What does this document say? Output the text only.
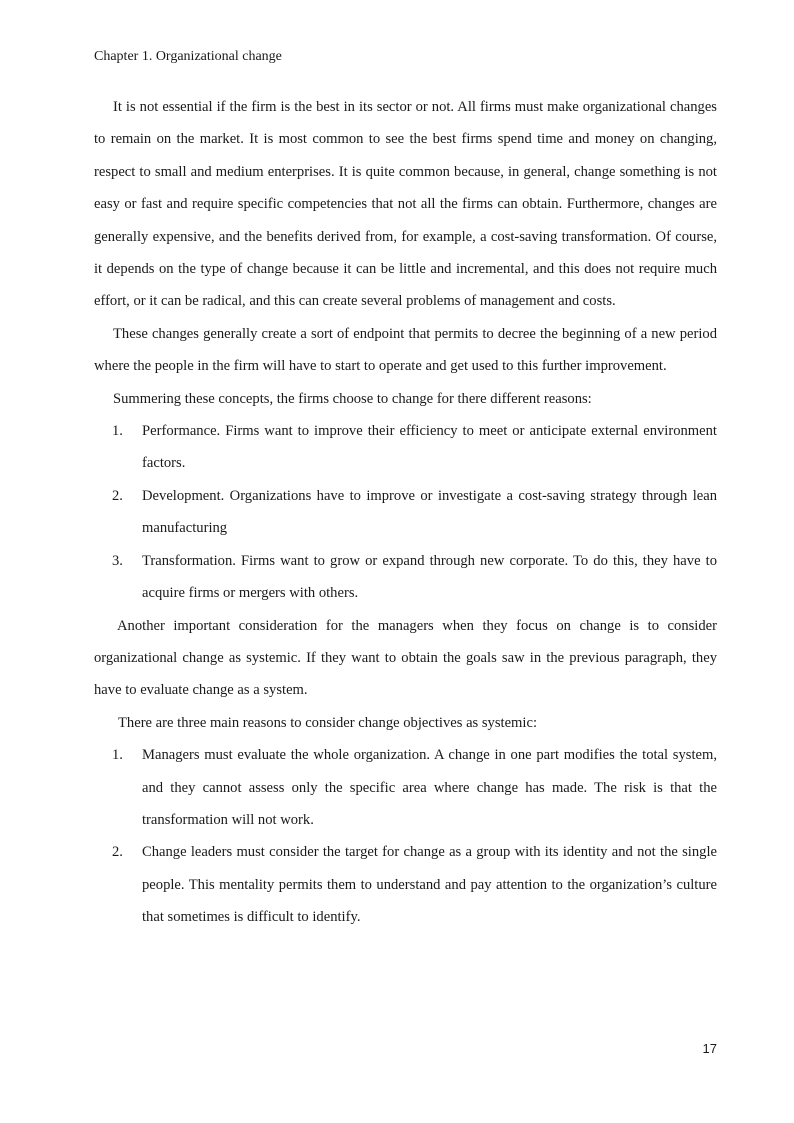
Chapter 1. Organizational change

It is not essential if the firm is the best in its sector or not. All firms must make organizational changes to remain on the market. It is most common to see the best firms spend time and money on changing, respect to small and medium enterprises. It is quite common because, in general, change something is not easy or fast and require specific competencies that not all the firms can obtain. Furthermore, changes are generally expensive, and the benefits derived from, for example, a cost-saving transformation. Of course, it depends on the type of change because it can be little and incremental, and this does not require much effort, or it can be radical, and this can create several problems of management and costs.

These changes generally create a sort of endpoint that permits to decree the beginning of a new period where the people in the firm will have to start to operate and get used to this further improvement.

Summering these concepts, the firms choose to change for there different reasons:

1. Performance. Firms want to improve their efficiency to meet or anticipate external environment factors.
2. Development. Organizations have to improve or investigate a cost-saving strategy through lean manufacturing
3. Transformation. Firms want to grow or expand through new corporate. To do this, they have to acquire firms or mergers with others.

Another important consideration for the managers when they focus on change is to consider organizational change as systemic. If they want to obtain the goals saw in the previous paragraph, they have to evaluate change as a system.

There are three main reasons to consider change objectives as systemic:

1. Managers must evaluate the whole organization. A change in one part modifies the total system, and they cannot assess only the specific area where change has made. The risk is that the transformation will not work.
2. Change leaders must consider the target for change as a group with its identity and not the single people. This mentality permits them to understand and pay attention to the organization’s culture that sometimes is difficult to identify.
17
